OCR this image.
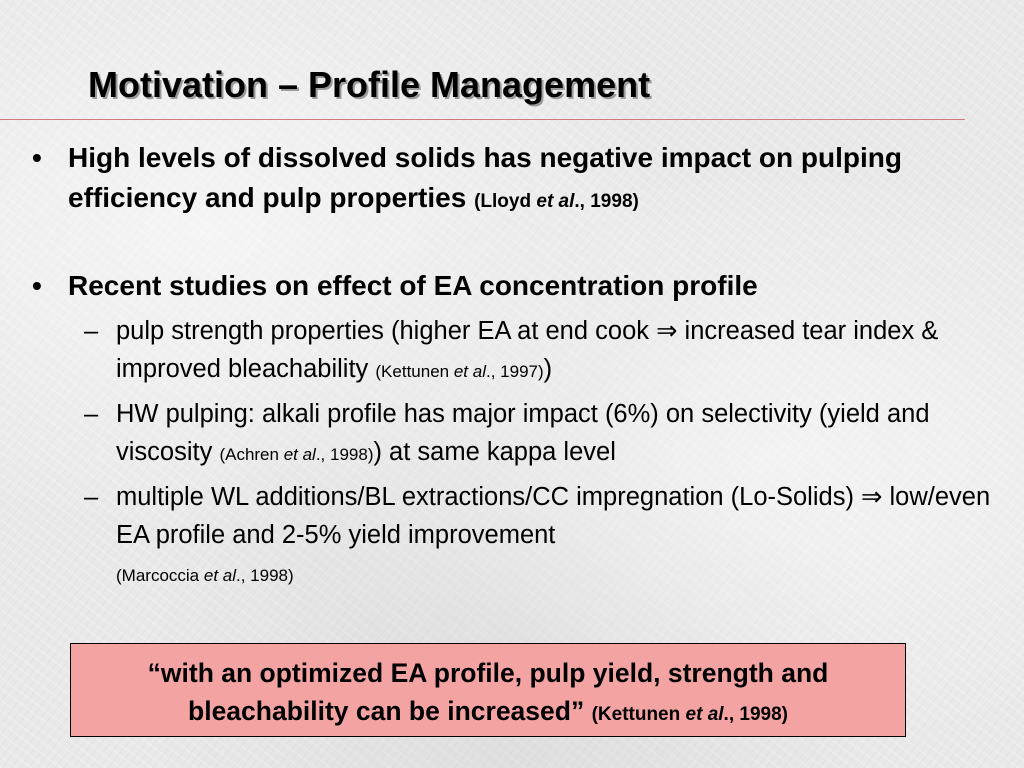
Motivation – Profile Management
• High levels of dissolved solids has negative impact on pulping efficiency and pulp properties (Lloyd et al., 1998)
• Recent studies on effect of EA concentration profile
– pulp strength properties (higher EA at end cook ⇒ increased tear index & improved bleachability (Kettunen et al., 1997))
– HW pulping: alkali profile has major impact (6%) on selectivity (yield and viscosity (Achren et al., 1998)) at same kappa level
– multiple WL additions/BL extractions/CC impregnation (Lo-Solids) ⇒ low/even EA profile and 2-5% yield improvement
(Marcoccia et al., 1998)
“with an optimized EA profile, pulp yield, strength and bleachability can be increased” (Kettunen et al., 1998)
